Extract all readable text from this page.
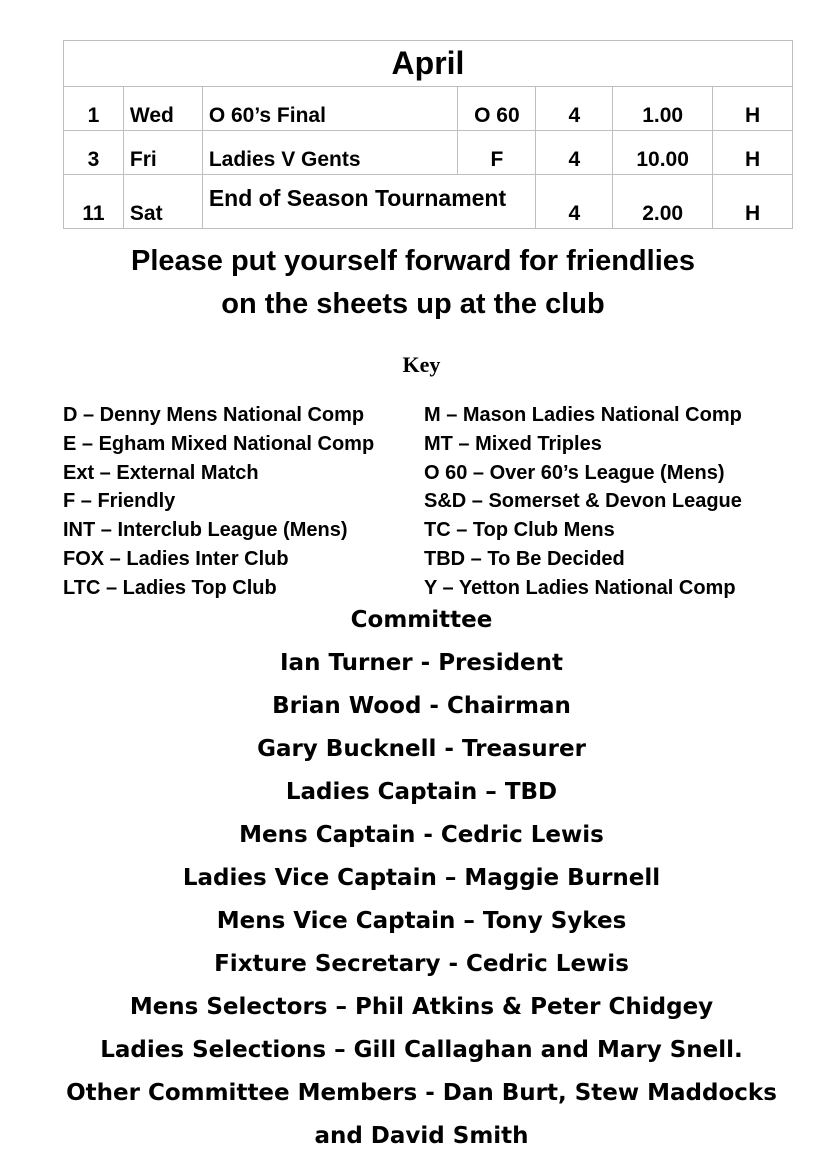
April						
1	Wed	O 60’s Final	O 60	4	1.00	H
3	Fri	Ladies V Gents	F	4	10.00	H
11	Sat	End of Season Tournament		4	2.00	H
Please put yourself forward for friendlies
on the sheets up at the club
Key
D – Denny Mens National Comp
E – Egham Mixed National Comp
Ext – External Match
F – Friendly
INT – Interclub League (Mens)
FOX – Ladies Inter Club
LTC – Ladies Top Club
M – Mason Ladies National Comp
MT – Mixed Triples
O 60 – Over 60’s League (Mens)
S&D – Somerset & Devon League
TC – Top Club Mens
TBD – To Be Decided
Y – Yetton Ladies National Comp
Committee
Ian Turner - President
Brian Wood - Chairman
Gary Bucknell - Treasurer
Ladies Captain – TBD
Mens Captain - Cedric Lewis
Ladies Vice Captain – Maggie Burnell
Mens Vice Captain – Tony Sykes
Fixture Secretary - Cedric Lewis
Mens Selectors – Phil Atkins & Peter Chidgey
Ladies Selections – Gill Callaghan and Mary Snell.
Other Committee Members - Dan Burt, Stew Maddocks
and David Smith
